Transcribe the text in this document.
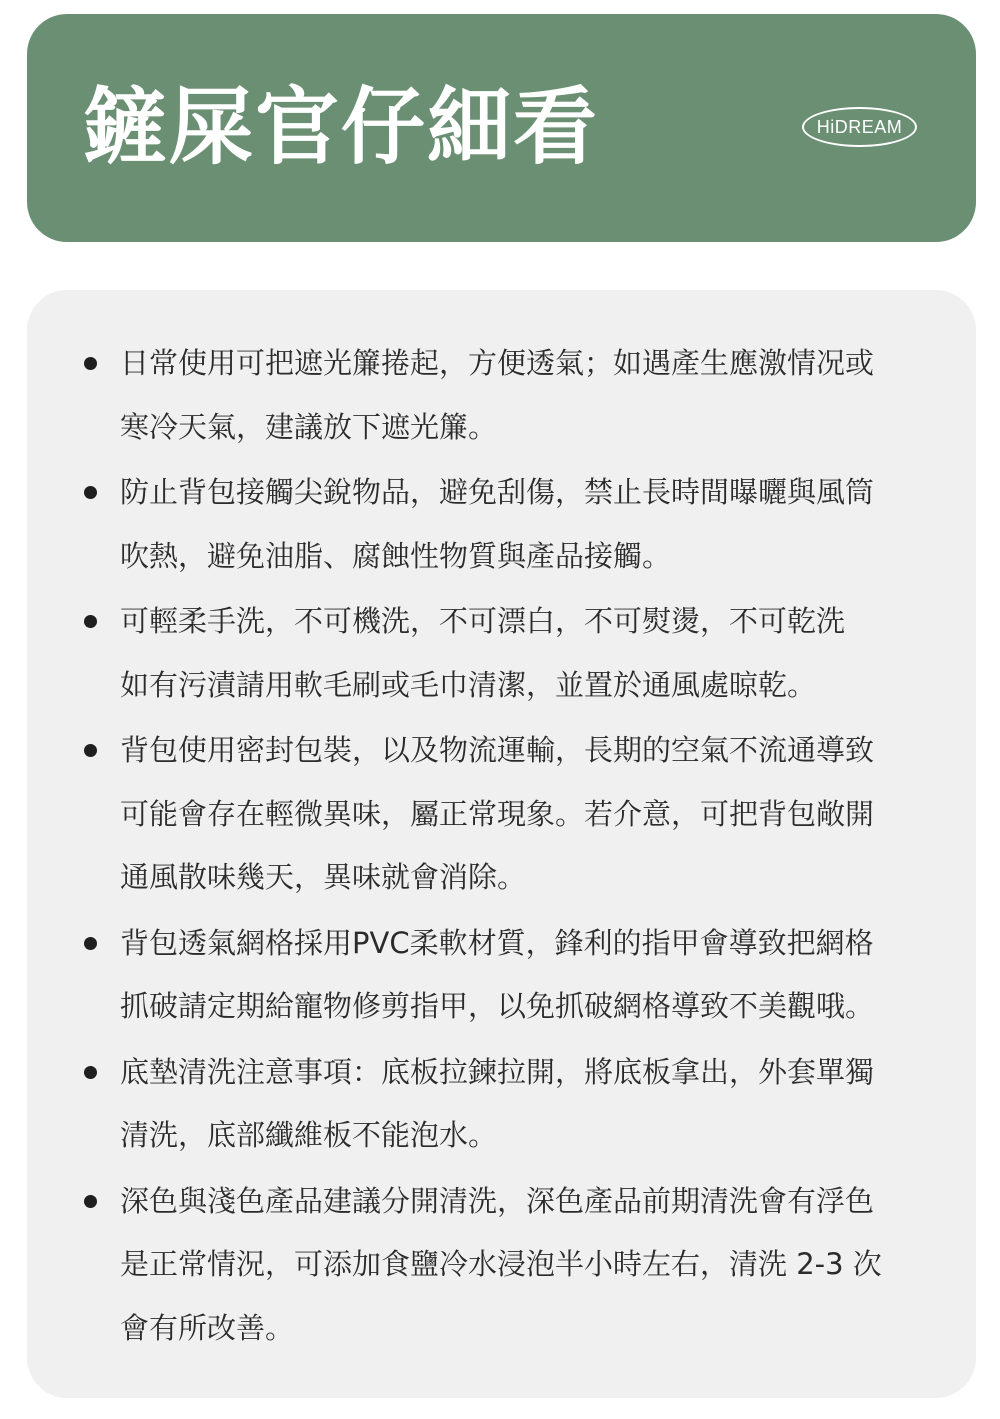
鏟屎官仔細看	HiDREAM
日常使用可把遮光簾捲起，方便透氣；如遇產生應激情况或
寒冷天氣，建議放下遮光簾。
防止背包接觸尖銳物品，避免刮傷，禁止長時間曝曬與風筒
吹熱，避免油脂、腐蝕性物質與產品接觸。
可輕柔手洗，不可機洗，不可漂白，不可熨燙，不可乾洗
如有污漬請用軟毛刷或毛巾清潔，並置於通風處晾乾。
背包使用密封包裝，以及物流運輸，長期的空氣不流通導致
可能會存在輕微異味，屬正常現象。若介意，可把背包敞開
通風散味幾天，異味就會消除。
背包透氣網格採用PVC柔軟材質，鋒利的指甲會導致把網格
抓破請定期給寵物修剪指甲，以免抓破網格導致不美觀哦。
底墊清洗注意事項：底板拉鍊拉開，將底板拿出，外套單獨
清洗，底部纖維板不能泡水。
深色與淺色產品建議分開清洗，深色產品前期清洗會有浮色
是正常情況，可添加食鹽冷水浸泡半小時左右，清洗 2-3 次
會有所改善。
